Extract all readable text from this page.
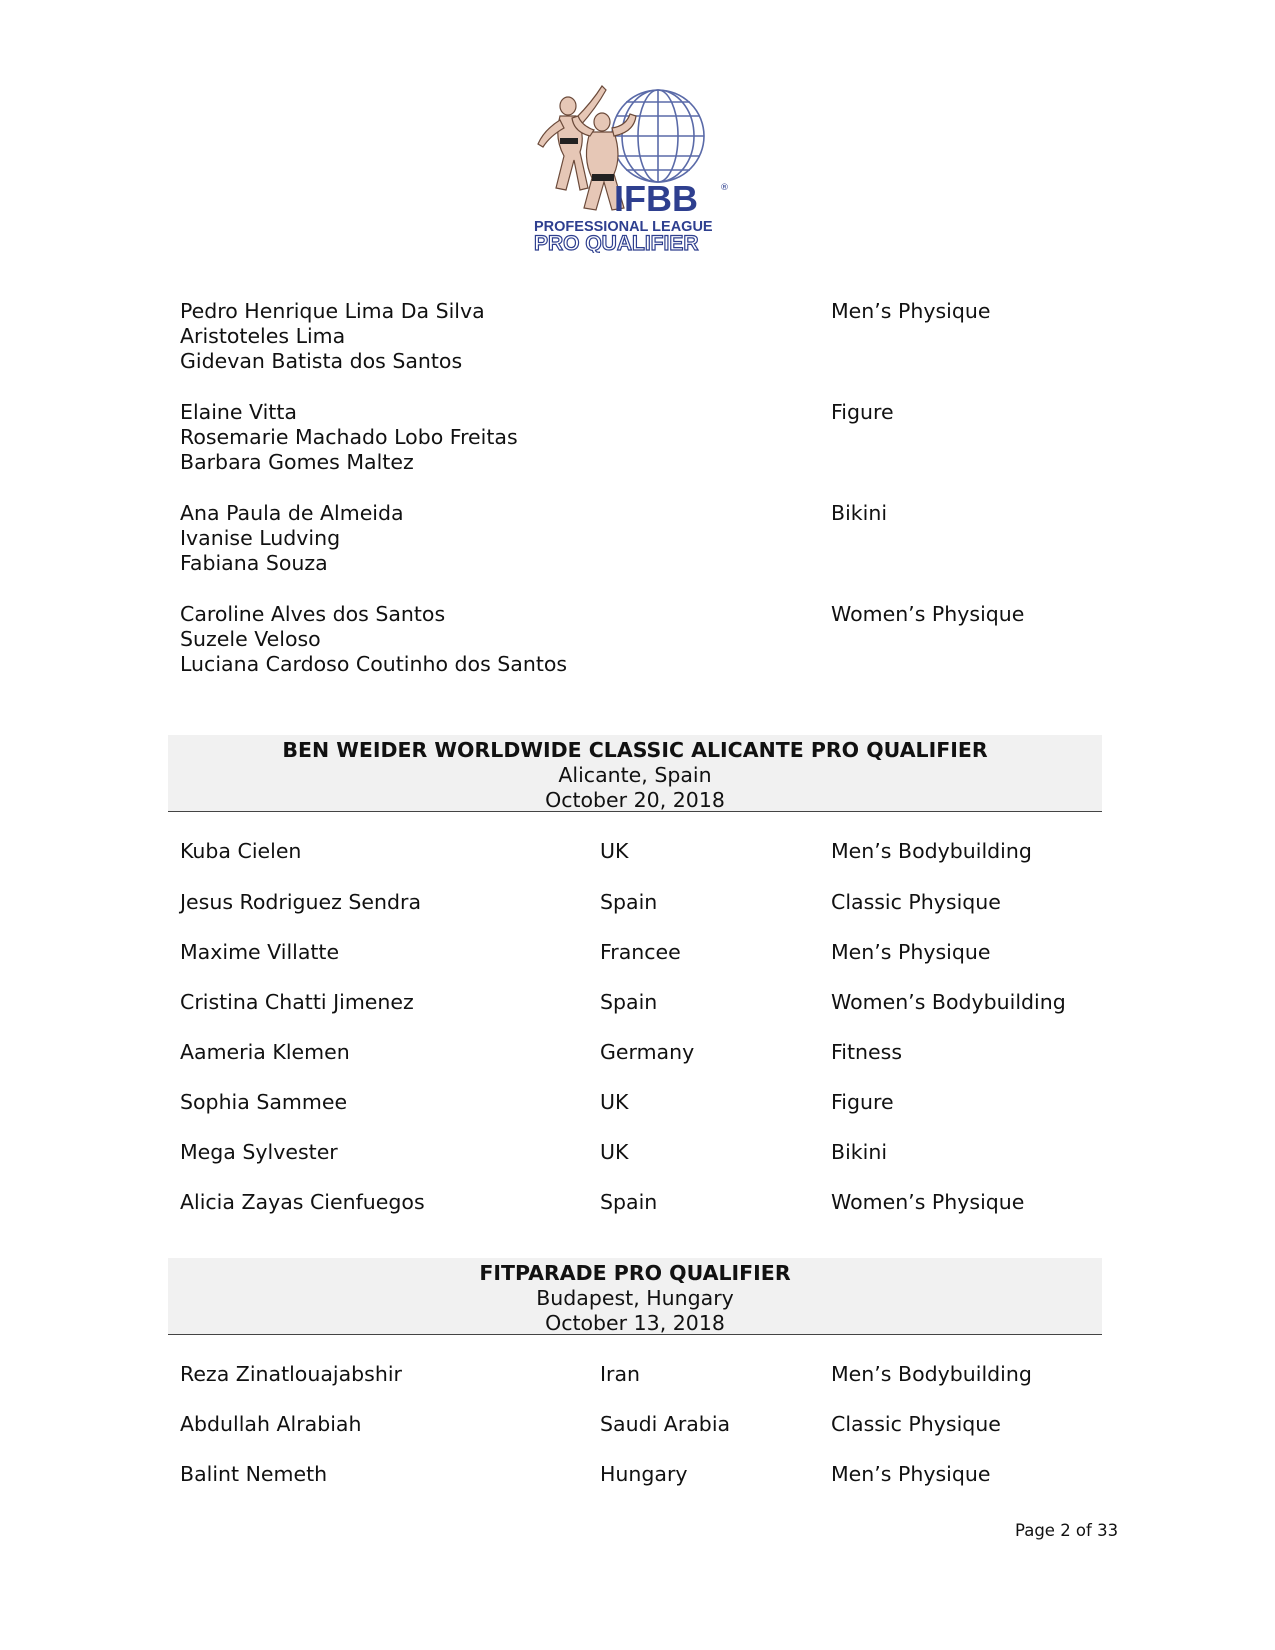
IFBB ®
PROFESSIONAL LEAGUE
PRO QUALIFIER
Pedro Henrique Lima Da Silva
Aristoteles Lima
Gidevan Batista dos Santos
Men’s Physique
Elaine Vitta
Rosemarie Machado Lobo Freitas
Barbara Gomes Maltez
Figure
Ana Paula de Almeida
Ivanise Ludving
Fabiana Souza
Bikini
Caroline Alves dos Santos
Suzele Veloso
Luciana Cardoso Coutinho dos Santos
Women’s Physique
BEN WEIDER WORLDWIDE CLASSIC ALICANTE PRO QUALIFIER
Alicante, Spain
October 20, 2018
Kuba Cielen	UK	Men’s Bodybuilding
Jesus Rodriguez Sendra	Spain	Classic Physique
Maxime Villatte	Francee	Men’s Physique
Cristina Chatti Jimenez	Spain	Women’s Bodybuilding
Aameria Klemen	Germany	Fitness
Sophia Sammee	UK	Figure
Mega Sylvester	UK	Bikini
Alicia Zayas Cienfuegos	Spain	Women’s Physique
FITPARADE PRO QUALIFIER
Budapest, Hungary
October 13, 2018
Reza Zinatlouajabshir	Iran	Men’s Bodybuilding
Abdullah Alrabiah	Saudi Arabia	Classic Physique
Balint Nemeth	Hungary	Men’s Physique
Page 2 of 33
